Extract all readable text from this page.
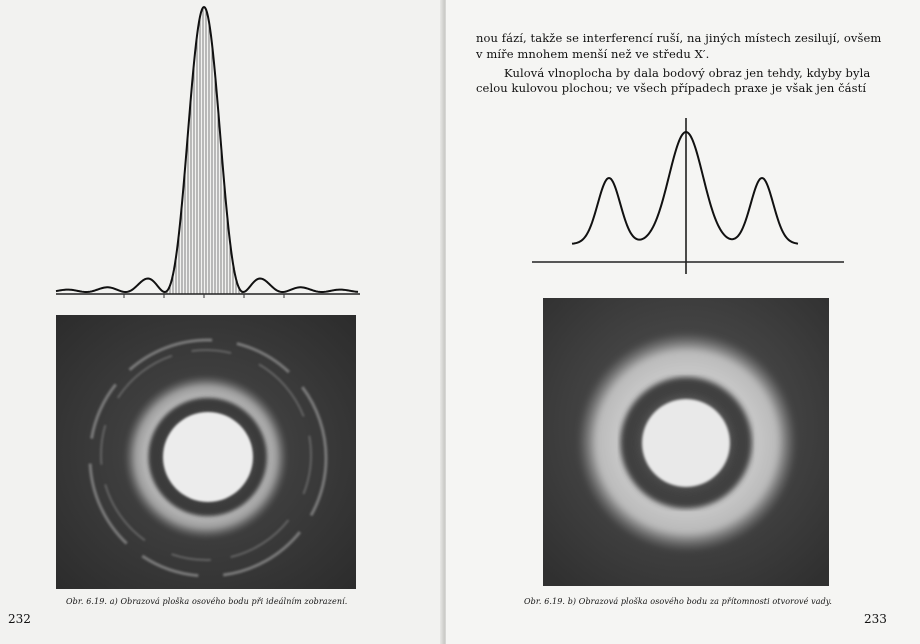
Obr. 6.19. a) Obrazová ploška osového bodu při ideálním zobrazení.
232
nou fází, takže se interferencí ruší, na jiných místech zesilují, ovšem
v míře mnohem menší než ve středu X′.
Kulová vlnoplocha by dala bodový obraz jen tehdy, kdyby byla
celou kulovou plochou; ve všech případech praxe je však jen částí
Obr. 6.19. b) Obrazová ploška osového bodu za přítomnosti otvorové vady.
233
